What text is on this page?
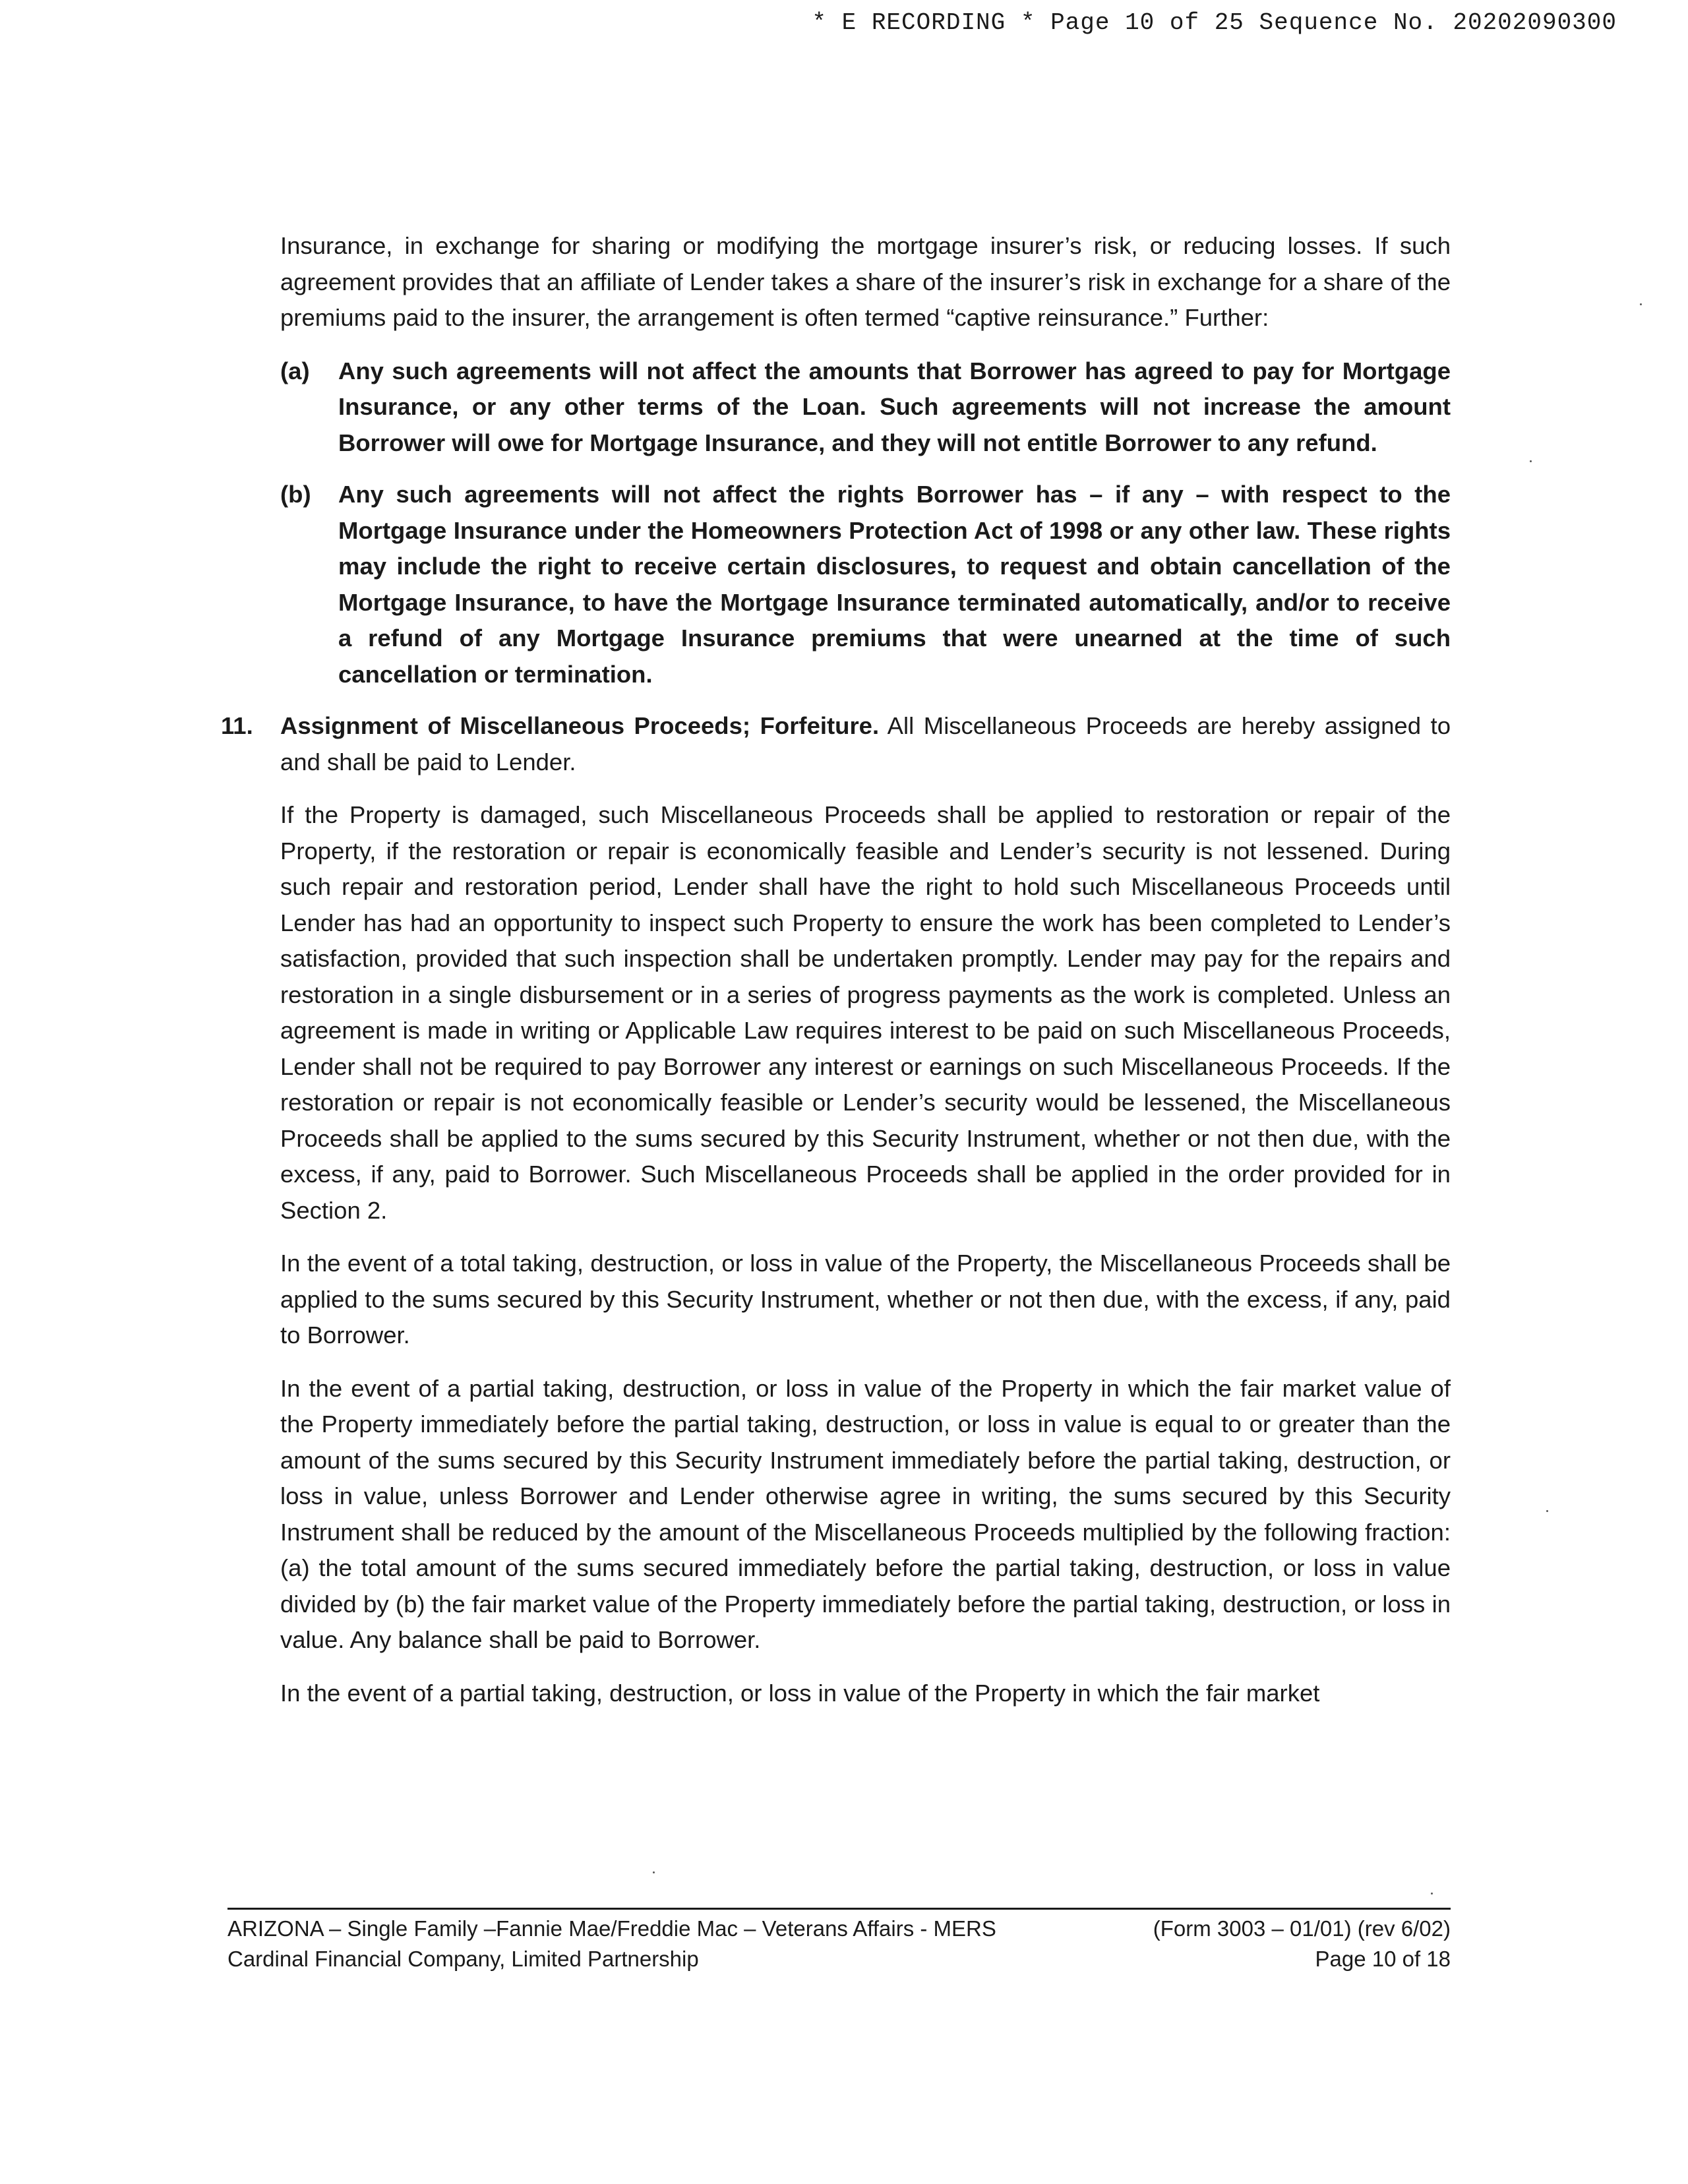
* E RECORDING * Page 10 of 25 Sequence No. 20202090300

Insurance, in exchange for sharing or modifying the mortgage insurer’s risk, or reducing losses. If such agreement provides that an affiliate of Lender takes a share of the insurer’s risk in exchange for a share of the premiums paid to the insurer, the arrangement is often termed “captive reinsurance.” Further:

(a)	Any such agreements will not affect the amounts that Borrower has agreed to pay for Mortgage Insurance, or any other terms of the Loan. Such agreements will not increase the amount Borrower will owe for Mortgage Insurance, and they will not entitle Borrower to any refund.
(b)	Any such agreements will not affect the rights Borrower has – if any – with respect to the Mortgage Insurance under the Homeowners Protection Act of 1998 or any other law. These rights may include the right to receive certain disclosures, to request and obtain cancellation of the Mortgage Insurance, to have the Mortgage Insurance terminated automatically, and/or to receive a refund of any Mortgage Insurance premiums that were unearned at the time of such cancellation or termination.
11.	Assignment of Miscellaneous Proceeds; Forfeiture. All Miscellaneous Proceeds are hereby assigned to and shall be paid to Lender.

If the Property is damaged, such Miscellaneous Proceeds shall be applied to restoration or repair of the Property, if the restoration or repair is economically feasible and Lender’s security is not lessened. During such repair and restoration period, Lender shall have the right to hold such Miscellaneous Proceeds until Lender has had an opportunity to inspect such Property to ensure the work has been completed to Lender’s satisfaction, provided that such inspection shall be undertaken promptly. Lender may pay for the repairs and restoration in a single disbursement or in a series of progress payments as the work is completed. Unless an agreement is made in writing or Applicable Law requires interest to be paid on such Miscellaneous Proceeds, Lender shall not be required to pay Borrower any interest or earnings on such Miscellaneous Proceeds. If the restoration or repair is not economically feasible or Lender’s security would be lessened, the Miscellaneous Proceeds shall be applied to the sums secured by this Security Instrument, whether or not then due, with the excess, if any, paid to Borrower. Such Miscellaneous Proceeds shall be applied in the order provided for in Section 2.

In the event of a total taking, destruction, or loss in value of the Property, the Miscellaneous Proceeds shall be applied to the sums secured by this Security Instrument, whether or not then due, with the excess, if any, paid to Borrower.

In the event of a partial taking, destruction, or loss in value of the Property in which the fair market value of the Property immediately before the partial taking, destruction, or loss in value is equal to or greater than the amount of the sums secured by this Security Instrument immediately before the partial taking, destruction, or loss in value, unless Borrower and Lender otherwise agree in writing, the sums secured by this Security Instrument shall be reduced by the amount of the Miscellaneous Proceeds multiplied by the following fraction: (a) the total amount of the sums secured immediately before the partial taking, destruction, or loss in value divided by (b) the fair market value of the Property immediately before the partial taking, destruction, or loss in value. Any balance shall be paid to Borrower.

In the event of a partial taking, destruction, or loss in value of the Property in which the fair market

ARIZONA – Single Family –Fannie Mae/Freddie Mac – Veterans Affairs - MERS
Cardinal Financial Company, Limited Partnership
(Form 3003 – 01/01) (rev 6/02)
Page 10 of 18
